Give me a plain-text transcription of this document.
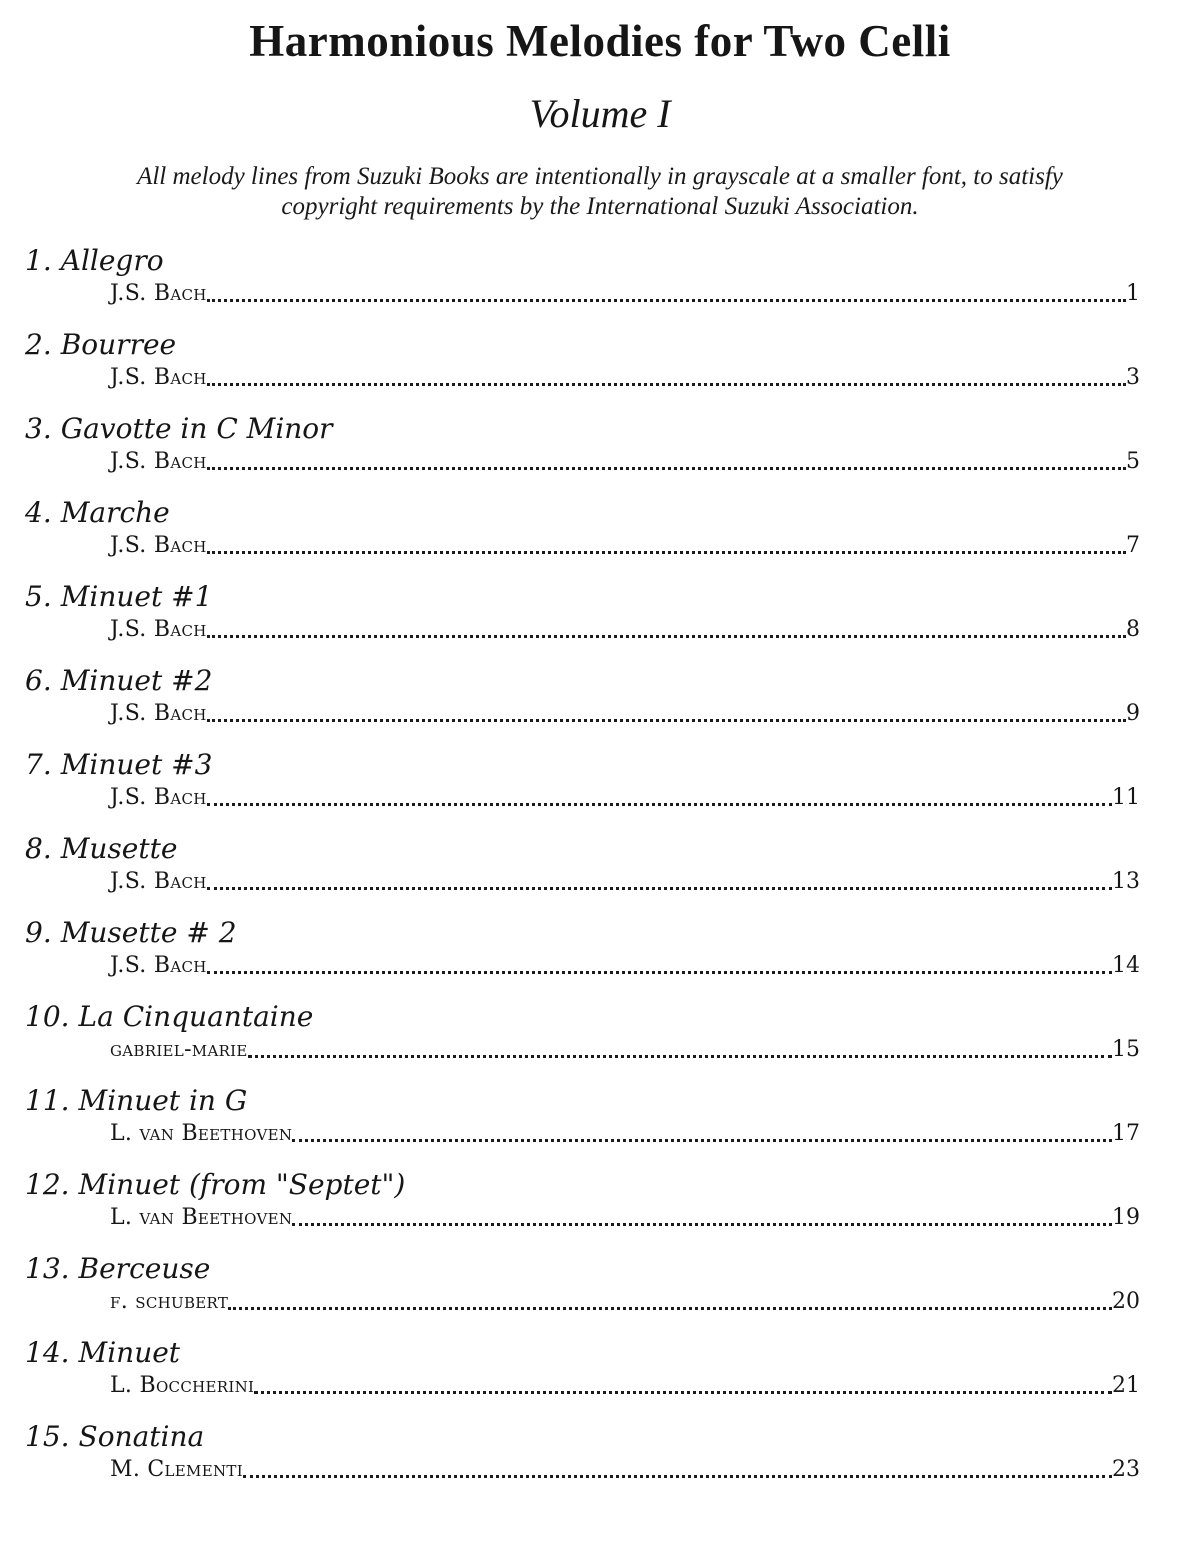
Harmonious Melodies for Two Celli
Volume I
All melody lines from Suzuki Books are intentionally in grayscale at a smaller font, to satisfy
copyright requirements by the International Suzuki Association.
1. Allegro
J.S. Bach	1
2. Bourree
J.S. Bach	3
3. Gavotte in C Minor
J.S. Bach	5
4. Marche
J.S. Bach	7
5. Minuet #1
J.S. Bach	8
6. Minuet #2
J.S. Bach	9
7. Minuet #3
J.S. Bach	11
8. Musette
J.S. Bach	13
9. Musette # 2
J.S. Bach	14
10. La Cinquantaine
gabriel-marie	15
11. Minuet in G
L. van Beethoven	17
12. Minuet (from "Septet")
L. van Beethoven	19
13. Berceuse
f. schubert	20
14. Minuet
L. Boccherini	21
15. Sonatina
M. Clementi	23
